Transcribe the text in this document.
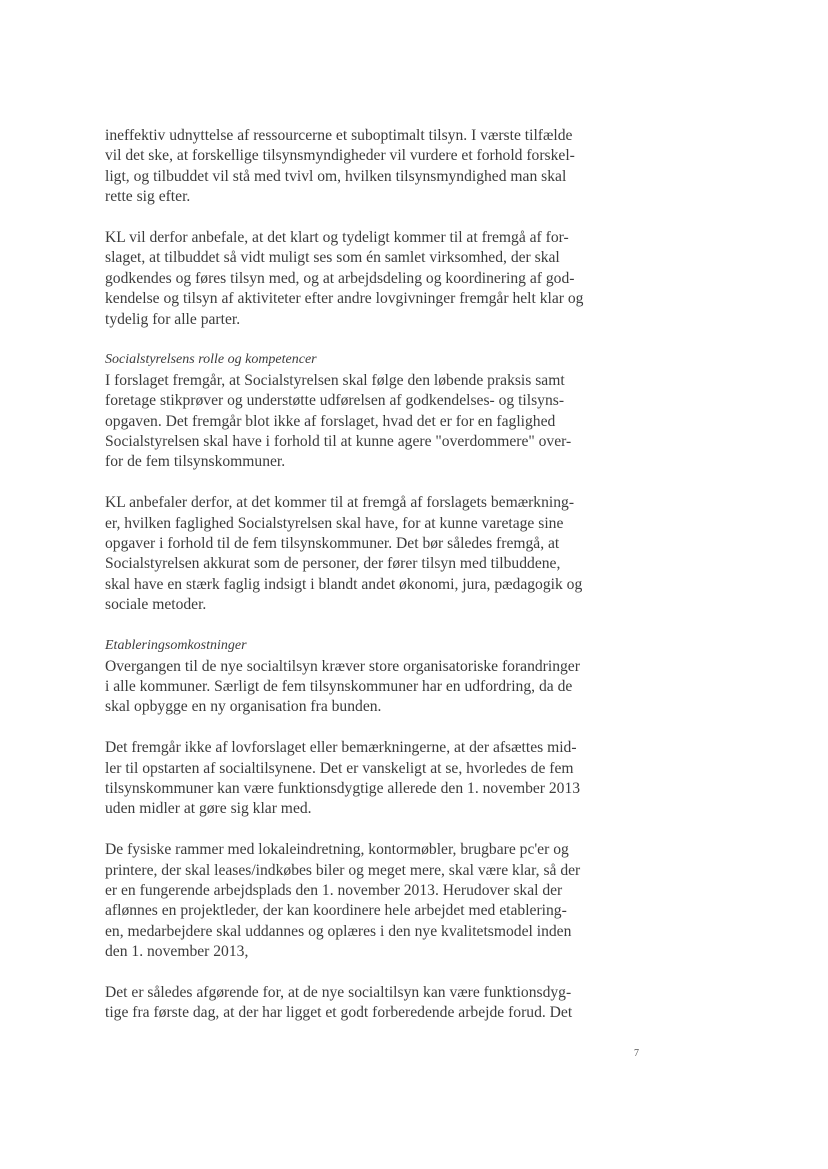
ineffektiv udnyttelse af ressourcerne et suboptimalt tilsyn. I værste tilfælde
vil det ske, at forskellige tilsynsmyndigheder vil vurdere et forhold forskel-
ligt, og tilbuddet vil stå med tvivl om, hvilken tilsynsmyndighed man skal
rette sig efter.
KL vil derfor anbefale, at det klart og tydeligt kommer til at fremgå af for-
slaget, at tilbuddet så vidt muligt ses som én samlet virksomhed, der skal
godkendes og føres tilsyn med, og at arbejdsdeling og koordinering af god-
kendelse og tilsyn af aktiviteter efter andre lovgivninger fremgår helt klar og
tydelig for alle parter.
Socialstyrelsens rolle og kompetencer
I forslaget fremgår, at Socialstyrelsen skal følge den løbende praksis samt
foretage stikprøver og understøtte udførelsen af godkendelses- og tilsyns-
opgaven. Det fremgår blot ikke af forslaget, hvad det er for en faglighed
Socialstyrelsen skal have i forhold til at kunne agere "overdommere" over-
for de fem tilsynskommuner.
KL anbefaler derfor, at det kommer til at fremgå af forslagets bemærkning-
er, hvilken faglighed Socialstyrelsen skal have, for at kunne varetage sine
opgaver i forhold til de fem tilsynskommuner. Det bør således fremgå, at
Socialstyrelsen akkurat som de personer, der fører tilsyn med tilbuddene,
skal have en stærk faglig indsigt i blandt andet økonomi, jura, pædagogik og
sociale metoder.
Etableringsomkostninger
Overgangen til de nye socialtilsyn kræver store organisatoriske forandringer
i alle kommuner. Særligt de fem tilsynskommuner har en udfordring, da de
skal opbygge en ny organisation fra bunden.
Det fremgår ikke af lovforslaget eller bemærkningerne, at der afsættes mid-
ler til opstarten af socialtilsynene. Det er vanskeligt at se, hvorledes de fem
tilsynskommuner kan være funktionsdygtige allerede den 1. november 2013
uden midler at gøre sig klar med.
De fysiske rammer med lokaleindretning, kontormøbler, brugbare pc'er og
printere, der skal leases/indkøbes biler og meget mere, skal være klar, så der
er en fungerende arbejdsplads den 1. november 2013. Herudover skal der
aflønnes en projektleder, der kan koordinere hele arbejdet med etablering-
en, medarbejdere skal uddannes og oplæres i den nye kvalitetsmodel inden
den 1. november 2013,
Det er således afgørende for, at de nye socialtilsyn kan være funktionsdyg-
tige fra første dag, at der har ligget et godt forberedende arbejde forud. Det
7
